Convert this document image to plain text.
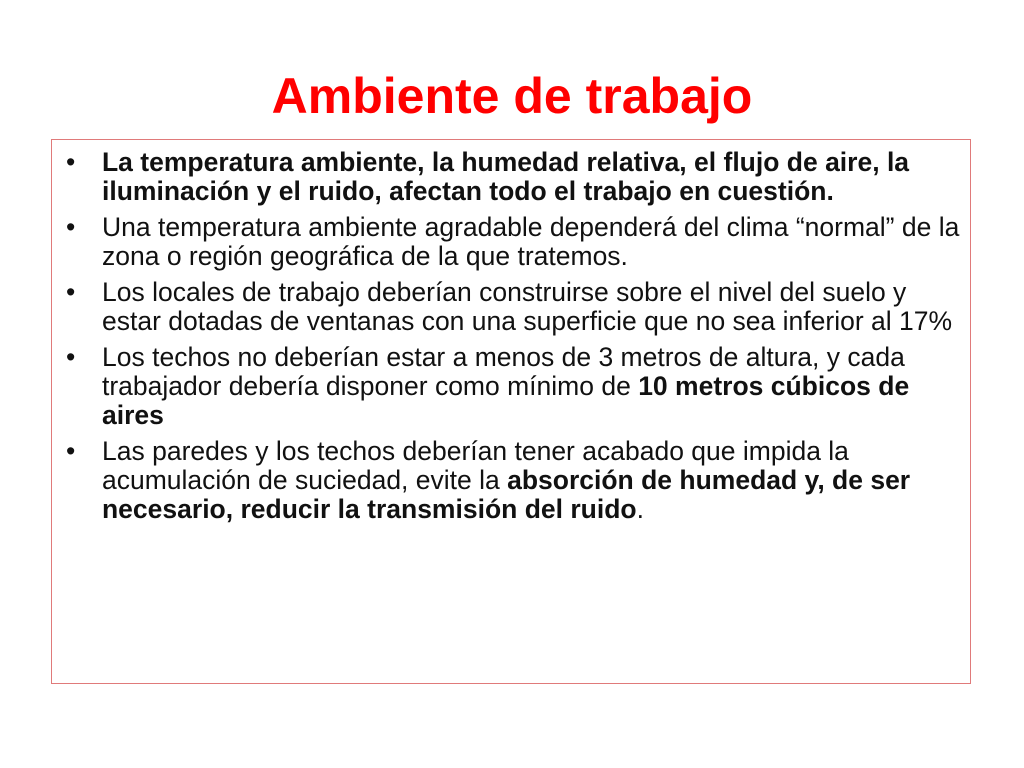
Ambiente de trabajo
•	La temperatura ambiente, la humedad relativa, el flujo de aire, la iluminación y el ruido, afectan todo el trabajo en cuestión.
•	Una temperatura ambiente agradable dependerá del clima “normal” de la zona o región geográfica de la que tratemos.
•	Los locales de trabajo deberían construirse sobre el nivel del suelo y estar dotadas de ventanas con una superficie que no sea inferior al 17%
•	Los techos no deberían estar a menos de 3 metros de altura, y cada trabajador debería disponer como mínimo de 10 metros cúbicos de aires
•	Las paredes y los techos deberían tener acabado que impida la acumulación de suciedad, evite la absorción de humedad y, de ser necesario, reducir la transmisión del ruido.
